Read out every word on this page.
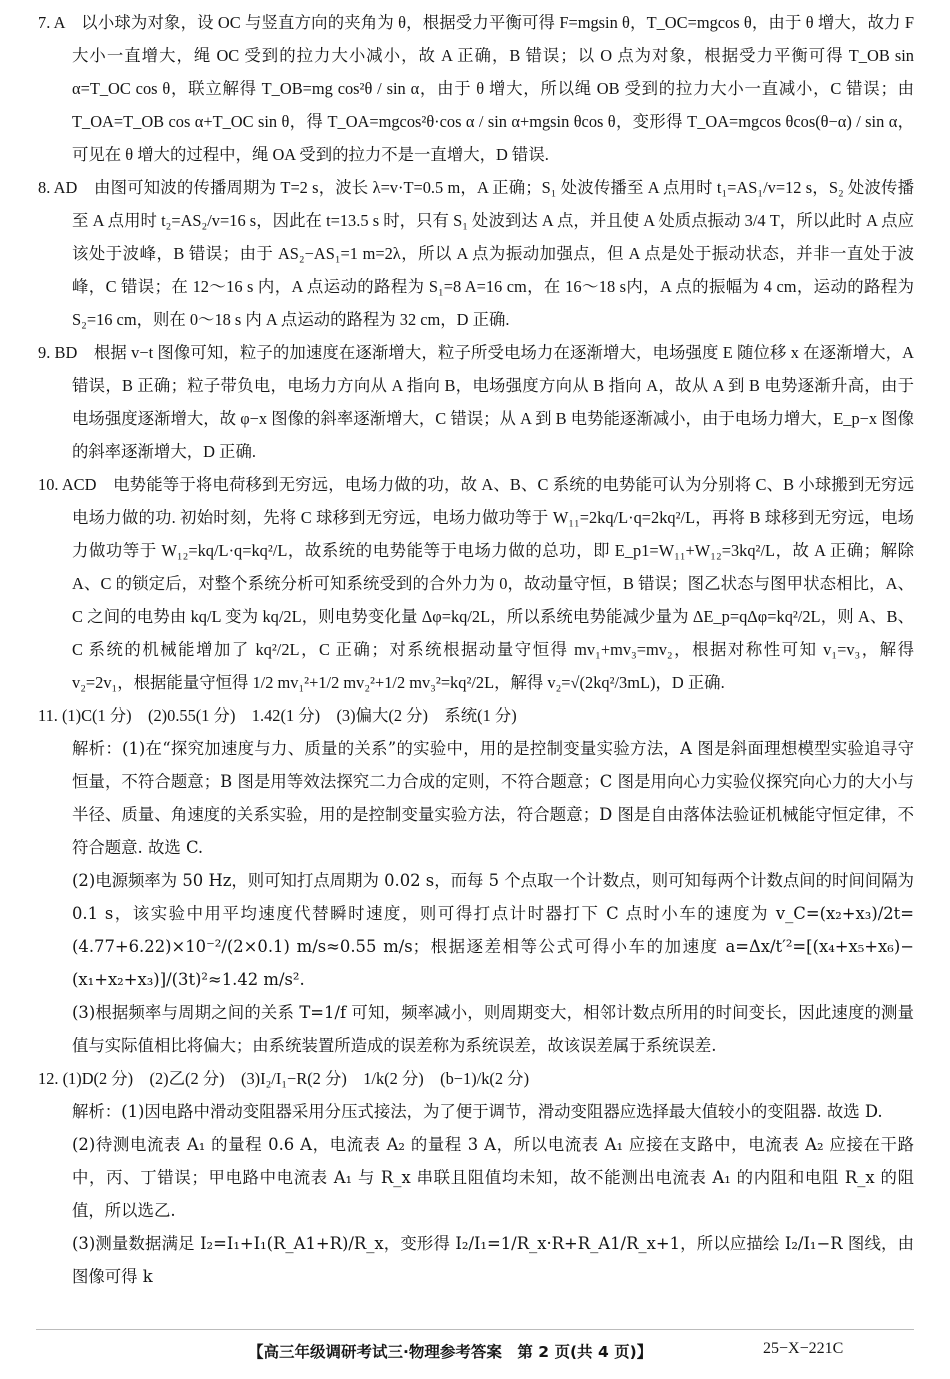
7. A　以小球为对象，设 OC 与竖直方向的夹角为 θ，根据受力平衡可得 F=mgsin θ，T_OC=mgcos θ，由于 θ 增大，故力 F 大小一直增大，绳 OC 受到的拉力大小减小，故 A 正确，B 错误；以 O 点为对象，根据受力平衡可得 T_OB sin α=T_OC cos θ，联立解得 T_OB=mg cos²θ / sin α，由于 θ 增大，所以绳 OB 受到的拉力大小一直减小，C 错误；由 T_OA=T_OB cos α+T_OC sin θ，得 T_OA=mgcos²θ·cos α / sin α+mgsin θcos θ，变形得 T_OA=mgcos θcos(θ−α) / sin α，可见在 θ 增大的过程中，绳 OA 受到的拉力不是一直增大，D 错误.

8. AD　由图可知波的传播周期为 T=2 s，波长 λ=v·T=0.5 m，A 正确；S₁ 处波传播至 A 点用时 t₁=AS₁/v=12 s，S₂ 处波传播至 A 点用时 t₂=AS₂/v=16 s，因此在 t=13.5 s 时，只有 S₁ 处波到达 A 点，并且使 A 处质点振动 3/4 T，所以此时 A 点应该处于波峰，B 错误；由于 AS₂−AS₁=1 m=2λ，所以 A 点为振动加强点，但 A 点是处于振动状态，并非一直处于波峰，C 错误；在 12～16 s 内，A 点运动的路程为 S₁=8 A=16 cm，在 16～18 s内，A 点的振幅为 4 cm，运动的路程为 S₂=16 cm，则在 0～18 s 内 A 点运动的路程为 32 cm，D 正确.

9. BD　根据 v−t 图像可知，粒子的加速度在逐渐增大，粒子所受电场力在逐渐增大，电场强度 E 随位移 x 在逐渐增大，A 错误，B 正确；粒子带负电，电场力方向从 A 指向 B，电场强度方向从 B 指向 A，故从 A 到 B 电势逐渐升高，由于电场强度逐渐增大，故 φ−x 图像的斜率逐渐增大，C 错误；从 A 到 B 电势能逐渐减小，由于电场力增大，E_p−x 图像的斜率逐渐增大，D 正确.

10. ACD　电势能等于将电荷移到无穷远，电场力做的功，故 A、B、C 系统的电势能可认为分别将 C、B 小球搬到无穷远电场力做的功. 初始时刻，先将 C 球移到无穷远，电场力做功等于 W₁₁=2kq/L·q=2kq²/L，再将 B 球移到无穷远，电场力做功等于 W₁₂=kq/L·q=kq²/L，故系统的电势能等于电场力做的总功，即 E_p1=W₁₁+W₁₂=3kq²/L，故 A 正确；解除 A、C 的锁定后，对整个系统分析可知系统受到的合外力为 0，故动量守恒，B 错误；图乙状态与图甲状态相比，A、C 之间的电势由 kq/L 变为 kq/2L，则电势变化量 Δφ=kq/2L，所以系统电势能减少量为 ΔE_p=qΔφ=kq²/2L，则 A、B、C 系统的机械能增加了 kq²/2L，C 正确；对系统根据动量守恒得 mv₁+mv₃=mv₂，根据对称性可知 v₁=v₃，解得 v₂=2v₁，根据能量守恒得 1/2 mv₁²+1/2 mv₂²+1/2 mv₃²=kq²/2L，解得 v₂=√(2kq²/3mL)，D 正确.

11. (1)C(1 分)　(2)0.55(1 分)　1.42(1 分)　(3)偏大(2 分)　系统(1 分)

解析：(1)在“探究加速度与力、质量的关系”的实验中，用的是控制变量实验方法，A 图是斜面理想模型实验追寻守恒量，不符合题意；B 图是用等效法探究二力合成的定则，不符合题意；C 图是用向心力实验仪探究向心力的大小与半径、质量、角速度的关系实验，用的是控制变量实验方法，符合题意；D 图是自由落体法验证机械能守恒定律，不符合题意. 故选 C.

(2)电源频率为 50 Hz，则可知打点周期为 0.02 s，而每 5 个点取一个计数点，则可知每两个计数点间的时间间隔为 0.1 s，该实验中用平均速度代替瞬时速度，则可得打点计时器打下 C 点时小车的速度为 v_C=(x₂+x₃)/2t=(4.77+6.22)×10⁻²/(2×0.1) m/s≈0.55 m/s；根据逐差相等公式可得小车的加速度 a=Δx/t′²=[(x₄+x₅+x₆)−(x₁+x₂+x₃)]/(3t)²≈1.42 m/s².

(3)根据频率与周期之间的关系 T=1/f 可知，频率减小，则周期变大，相邻计数点所用的时间变长，因此速度的测量值与实际值相比将偏大；由系统装置所造成的误差称为系统误差，故该误差属于系统误差.

12. (1)D(2 分)　(2)乙(2 分)　(3)I₂/I₁−R(2 分)　1/k(2 分)　(b−1)/k(2 分)

解析：(1)因电路中滑动变阻器采用分压式接法，为了便于调节，滑动变阻器应选择最大值较小的变阻器. 故选 D.

(2)待测电流表 A₁ 的量程 0.6 A，电流表 A₂ 的量程 3 A，所以电流表 A₁ 应接在支路中，电流表 A₂ 应接在干路中，丙、丁错误；甲电路中电流表 A₁ 与 R_x 串联且阻值均未知，故不能测出电流表 A₁ 的内阻和电阻 R_x 的阻值，所以选乙.

(3)测量数据满足 I₂=I₁+I₁(R_A1+R)/R_x，变形得 I₂/I₁=1/R_x·R+R_A1/R_x+1，所以应描绘 I₂/I₁−R 图线，由图像可得 k

【高三年级调研考试三·物理参考答案　第 2 页(共 4 页)】	25−X−221C
